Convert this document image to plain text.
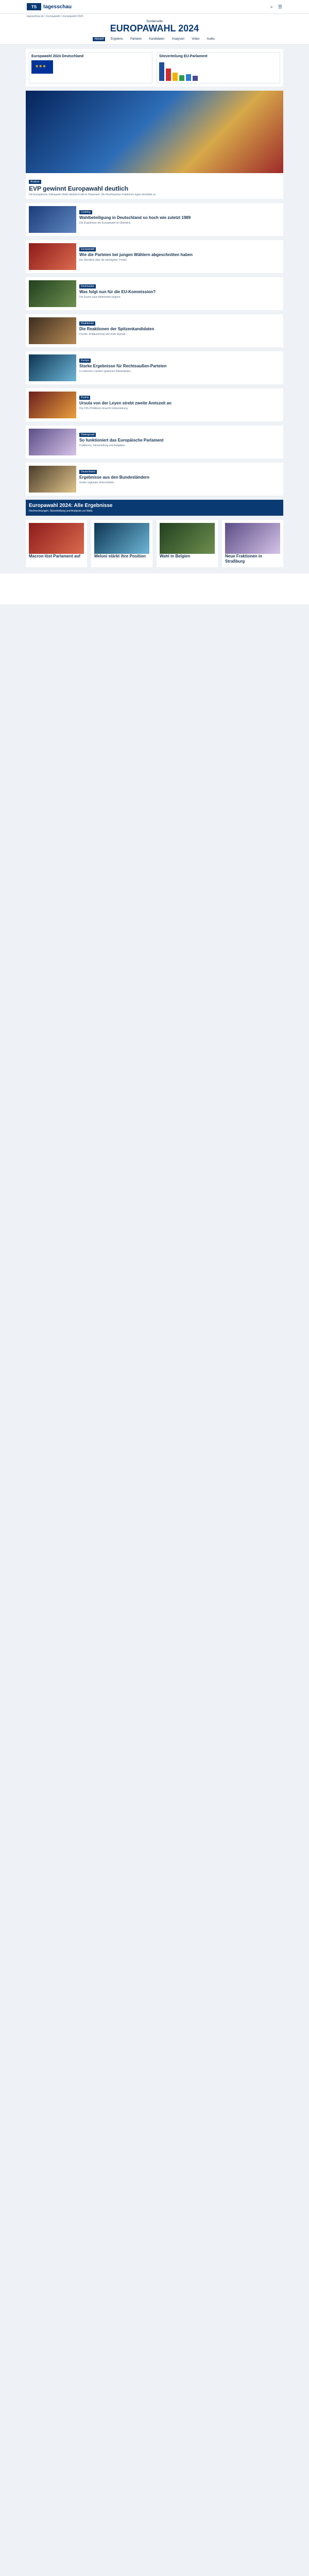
TS	tagesschau	⌕ ☰
tagesschau.de > Europawahl > Europawahl 2024
Sonderseite
EUROPAWAHL 2024
Aktuell	Ergebnis	Parteien	Kandidaten	Analysen	Video	Audio
Europawahl 2024 Deutschland
★★★	Sitzverteilung EU-Parlament
Analyse
EVP gewinnt Europawahl deutlich
Die Europäische Volkspartei bleibt stärkste Kraft im Parlament. Die Rechtsaußen-Fraktionen legen ebenfalls zu.
Liveblog
Wahlbeteiligung in Deutschland so hoch wie zuletzt 1989
Die Ergebnisse der Europawahl im Überblick.
Europawahl
Wie die Parteien bei jungen Wählern abgeschnitten haben
Ein Überblick über die wichtigsten Trends.
Kommentar
Was folgt nun für die EU-Kommission?
Die Suche nach Mehrheiten beginnt.
Reaktionen
Die Reaktionen der Spitzenkandidaten
Freude, Enttäuschung und erste Signale.
Europa
Starke Ergebnisse für Rechtsaußen-Parteien
In mehreren Ländern gewinnen Nationalisten.
Porträt
Ursula von der Leyen strebt zweite Amtszeit an
Die CDU-Politikerin braucht Unterstützung.
Hintergrund
So funktioniert das Europäische Parlament
Fraktionen, Sitzverteilung und Aufgaben.
Deutschland
Ergebnisse aus den Bundesländern
Große regionale Unterschiede.
Europawahl 2024: Alle Ergebnisse
Hochrechnungen, Sitzverteilung und Analysen zur Wahl.
Macron löst Parlament auf	Meloni stärkt ihre Position	Wahl in Belgien	Neue Fraktionen in Straßburg
